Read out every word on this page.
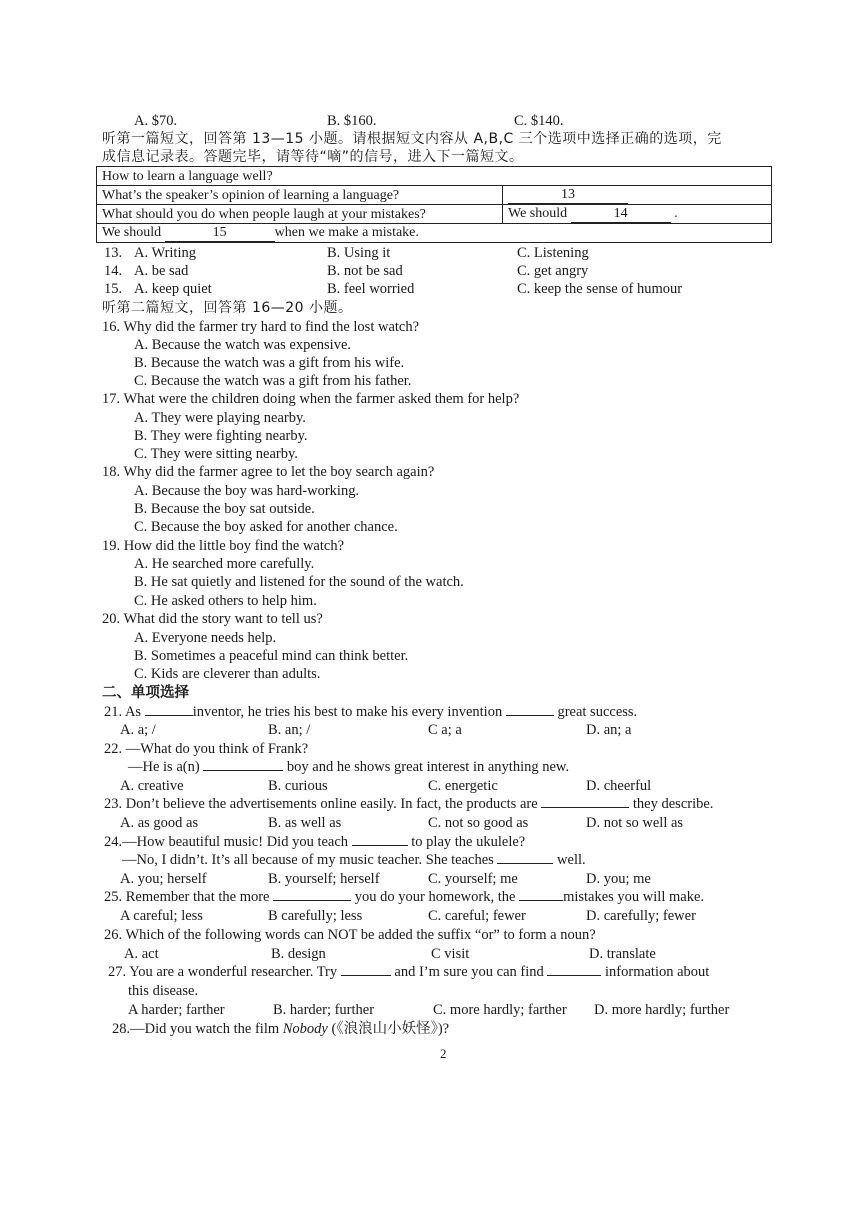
A. $70.	B. $160.	C. $140.
听第一篇短文，回答第 13—15 小题。请根据短文内容从 A,B,C 三个选项中选择正确的选项，完
成信息记录表。答题完毕，请等待“嘀”的信号，进入下一篇短文。
How to learn a language well?	
What’s the speaker’s opinion of learning a language?	13
What should you do when people laugh at your mistakes?	We should 14 .
We should 15 when we make a mistake.	
13. A. Writing	B. Using it	C. Listening
14. A. be sad	B. not be sad	C. get angry
15. A. keep quiet	B. feel worried	C. keep the sense of humour
听第二篇短文，回答第 16—20 小题。
16. Why did the farmer try hard to find the lost watch?
A. Because the watch was expensive.
B. Because the watch was a gift from his wife.
C. Because the watch was a gift from his father.
17. What were the children doing when the farmer asked them for help?
A. They were playing nearby.
B. They were fighting nearby.
C. They were sitting nearby.
18. Why did the farmer agree to let the boy search again?
A. Because the boy was hard-working.
B. Because the boy sat outside.
C. Because the boy asked for another chance.
19. How did the little boy find the watch?
A. He searched more carefully.
B. He sat quietly and listened for the sound of the watch.
C. He asked others to help him.
20. What did the story want to tell us?
A. Everyone needs help.
B. Sometimes a peaceful mind can think better.
C. Kids are cleverer than adults.
二、单项选择
21. As	inventor, he tries his best to make his every invention	great success.
A. a; /	B. an; /	C a; a	D. an; a
22. —What do you think of Frank?
—He is a(n)	boy and he shows great interest in anything new.
A. creative	B. curious	C. energetic	D. cheerful
23. Don’t believe the advertisements online easily. In fact, the products are	they describe.
A. as good as	B. as well as	C. not so good as	D. not so well as
24.—How beautiful music! Did you teach	to play the ukulele?
—No, I didn’t. It’s all because of my music teacher. She teaches	well.
A. you; herself	B. yourself; herself	C. yourself; me	D. you; me
25. Remember that the more	you do your homework, the	mistakes you will make.
A careful; less	B carefully; less	C. careful; fewer	D. carefully; fewer
26. Which of the following words can NOT be added the suffix “or” to form a noun?
A. act	B. design	C visit	D. translate
27. You are a wonderful researcher. Try	and I’m sure you can find	information about
this disease.
A harder; farther	B. harder; further	C. more hardly; farther D. more hardly; further
28.—Did you watch the film Nobody (《浪浪山小妖怪》)?
2
